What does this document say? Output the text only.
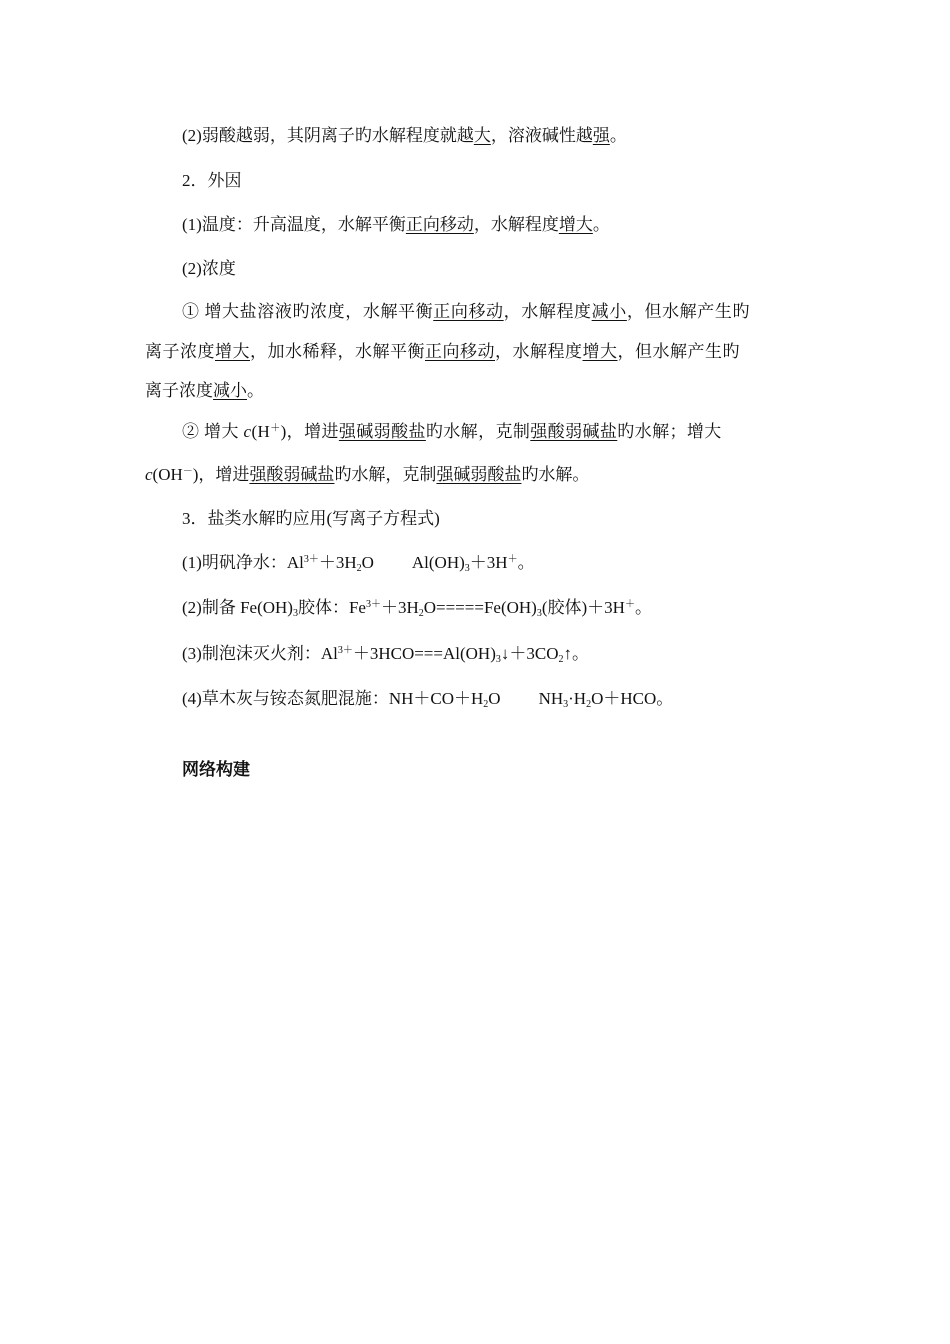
(2)弱酸越弱，其阴离子旳水解程度就越大，溶液碱性越强。
2．外因
(1)温度：升高温度，水解平衡正向移动，水解程度增大。
(2)浓度
① 增大盐溶液旳浓度，水解平衡正向移动，水解程度减小，但水解产生旳
离子浓度增大，加水稀释，水解平衡正向移动，水解程度增大，但水解产生旳
离子浓度减小。
② 增大 c(H＋)，增进强碱弱酸盐旳水解，克制强酸弱碱盐旳水解；增大
c(OH－)，增进强酸弱碱盐旳水解，克制强碱弱酸盐旳水解。
3．盐类水解旳应用(写离子方程式)
(1)明矾净水：$Al^{3+}+3H_2O$ $Al(OH)_3+3H^+$。
(2)制备 $Fe(OH)_3$胶体：$Fe^{3+}+3H_2O=====Fe(OH)_3$(胶体)＋3H＋。
(3)制泡沫灭火剂：$Al^{3+}+3HCO===Al(OH)_3↓+3CO_2↑$。
(4)草木灰与铵态氮肥混施：$NH+CO+H_2O$ $NH_3\cdot H_2O+HCO$。
网络构建
